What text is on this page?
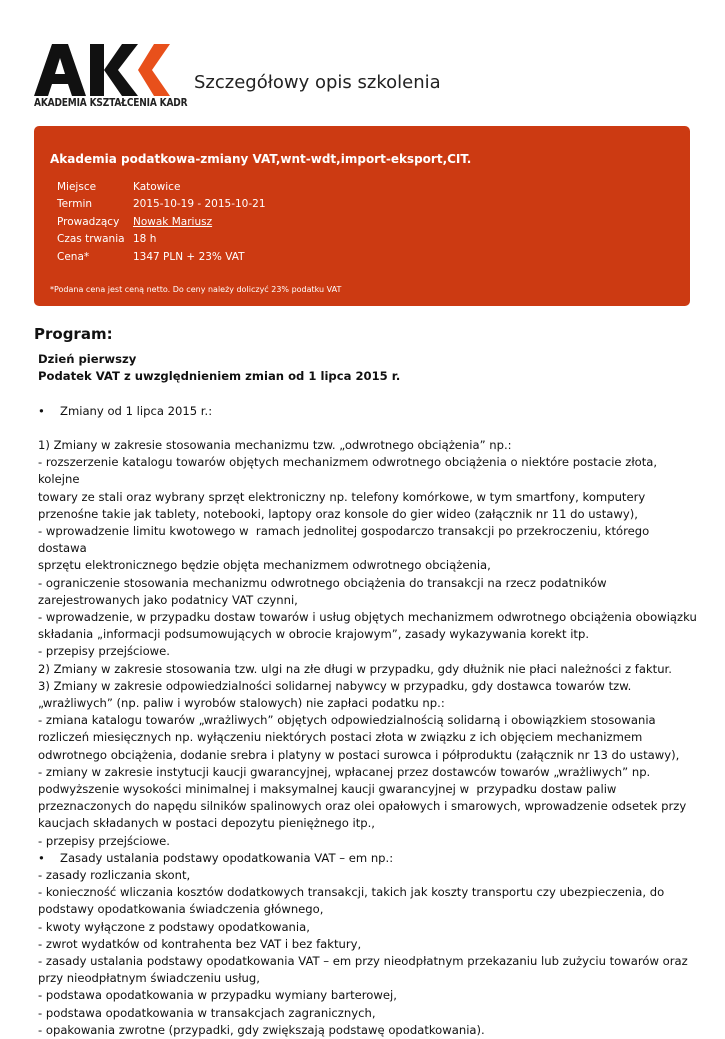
AKADEMIA KSZTAŁCENIA KADR
Szczegółowy opis szkolenia
Akademia podatkowa-zmiany VAT,wnt-wdt,import-eksport,CIT.
Miejsce	Katowice
Termin	2015-10-19 - 2015-10-21
Prowadzący Nowak Mariusz
Czas trwania 18 h
Cena*	1347 PLN + 23% VAT
*Podana cena jest ceną netto. Do ceny należy doliczyć 23% podatku VAT
Program:
Dzień pierwszy
Podatek VAT z uwzględnieniem zmian od 1 lipca 2015 r.
• Zmiany od 1 lipca 2015 r.:
1) Zmiany w zakresie stosowania mechanizmu tzw. „odwrotnego obciążenia” np.:
- rozszerzenie katalogu towarów objętych mechanizmem odwrotnego obciążenia o niektóre postacie złota, kolejne
towary ze stali oraz wybrany sprzęt elektroniczny np. telefony komórkowe, w tym smartfony, komputery
przenośne takie jak tablety, notebooki, laptopy oraz konsole do gier wideo (załącznik nr 11 do ustawy),
- wprowadzenie limitu kwotowego w  ramach jednolitej gospodarczo transakcji po przekroczeniu, którego dostawa
sprzętu elektronicznego będzie objęta mechanizmem odwrotnego obciążenia,
- ograniczenie stosowania mechanizmu odwrotnego obciążenia do transakcji na rzecz podatników
zarejestrowanych jako podatnicy VAT czynni,
- wprowadzenie, w przypadku dostaw towarów i usług objętych mechanizmem odwrotnego obciążenia obowiązku
składania „informacji podsumowujących w obrocie krajowym”, zasady wykazywania korekt itp.
- przepisy przejściowe.
2) Zmiany w zakresie stosowania tzw. ulgi na złe długi w przypadku, gdy dłużnik nie płaci należności z faktur.
3) Zmiany w zakresie odpowiedzialności solidarnej nabywcy w przypadku, gdy dostawca towarów tzw.
„wrażliwych” (np. paliw i wyrobów stalowych) nie zapłaci podatku np.:
- zmiana katalogu towarów „wrażliwych” objętych odpowiedzialnością solidarną i obowiązkiem stosowania
rozliczeń miesięcznych np. wyłączeniu niektórych postaci złota w związku z ich objęciem mechanizmem
odwrotnego obciążenia, dodanie srebra i platyny w postaci surowca i półproduktu (załącznik nr 13 do ustawy),
- zmiany w zakresie instytucji kaucji gwarancyjnej, wpłacanej przez dostawców towarów „wrażliwych” np.
podwyższenie wysokości minimalnej i maksymalnej kaucji gwarancyjnej w  przypadku dostaw paliw
przeznaczonych do napędu silników spalinowych oraz olei opałowych i smarowych, wprowadzenie odsetek przy
kaucjach składanych w postaci depozytu pieniężnego itp.,
- przepisy przejściowe.
• Zasady ustalania podstawy opodatkowania VAT – em np.:
- zasady rozliczania skont,
- konieczność wliczania kosztów dodatkowych transakcji, takich jak koszty transportu czy ubezpieczenia, do
podstawy opodatkowania świadczenia głównego,
- kwoty wyłączone z podstawy opodatkowania,
- zwrot wydatków od kontrahenta bez VAT i bez faktury,
- zasady ustalania podstawy opodatkowania VAT – em przy nieodpłatnym przekazaniu lub zużyciu towarów oraz
przy nieodpłatnym świadczeniu usług,
- podstawa opodatkowania w przypadku wymiany barterowej,
- podstawa opodatkowania w transakcjach zagranicznych,
- opakowania zwrotne (przypadki, gdy zwiększają podstawę opodatkowania).
